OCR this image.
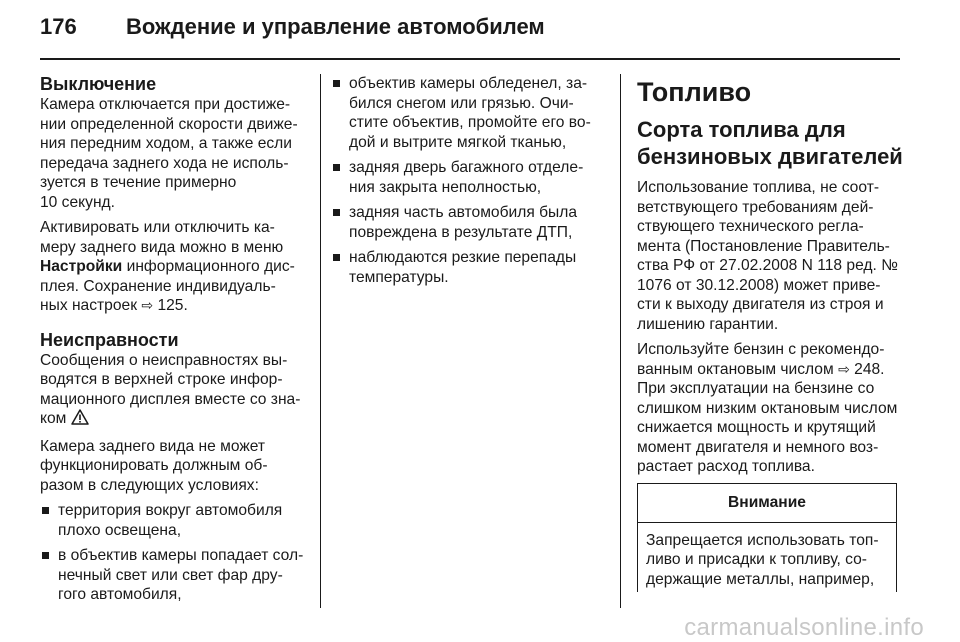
176	Вождение и управление автомобилем
Выключение

Камера отключается при достиже-
нии определенной скорости движе-
ния передним ходом, а также если
передача заднего хода не исполь-
зуется в течение примерно
10 секунд.

Активировать или отключить ка-
меру заднего вида можно в меню
Настройки информационного дис-
плея. Сохранение индивидуаль-
ных настроек ⇨ 125.

Неисправности

Сообщения о неисправностях вы-
водятся в верхней строке инфор-
мационного дисплея вместе со зна-
ком

Камера заднего вида не может
функционировать должным об-
разом в следующих условиях:

территория вокруг автомобиля
плохо освещена,
в объектив камеры попадает сол-
нечный свет или свет фар дру-
гого автомобиля,
объектив камеры обледенел, за-
бился снегом или грязью. Очи-
стите объектив, промойте его во-
дой и вытрите мягкой тканью,
задняя дверь багажного отделе-
ния закрыта неполностью,
задняя часть автомобиля была
повреждена в результате ДТП,
наблюдаются резкие перепады
температуры.
Топливо
Сорта топлива для
бензиновых двигателей

Использование топлива, не соот-
ветствующего требованиям дей-
ствующего технического регла-
мента (Постановление Правитель-
ства РФ от 27.02.2008 N 118 ред. №
1076 от 30.12.2008) может приве-
сти к выходу двигателя из строя и
лишению гарантии.

Используйте бензин с рекомендо-
ванным октановым числом ⇨ 248.
При эксплуатации на бензине со
слишком низким октановым числом
снижается мощность и крутящий
момент двигателя и немного воз-
растает расход топлива.

Внимание
Запрещается использовать топ-
ливо и присадки к топливу, со-
держащие металлы, например,
carmanualsonline.info
